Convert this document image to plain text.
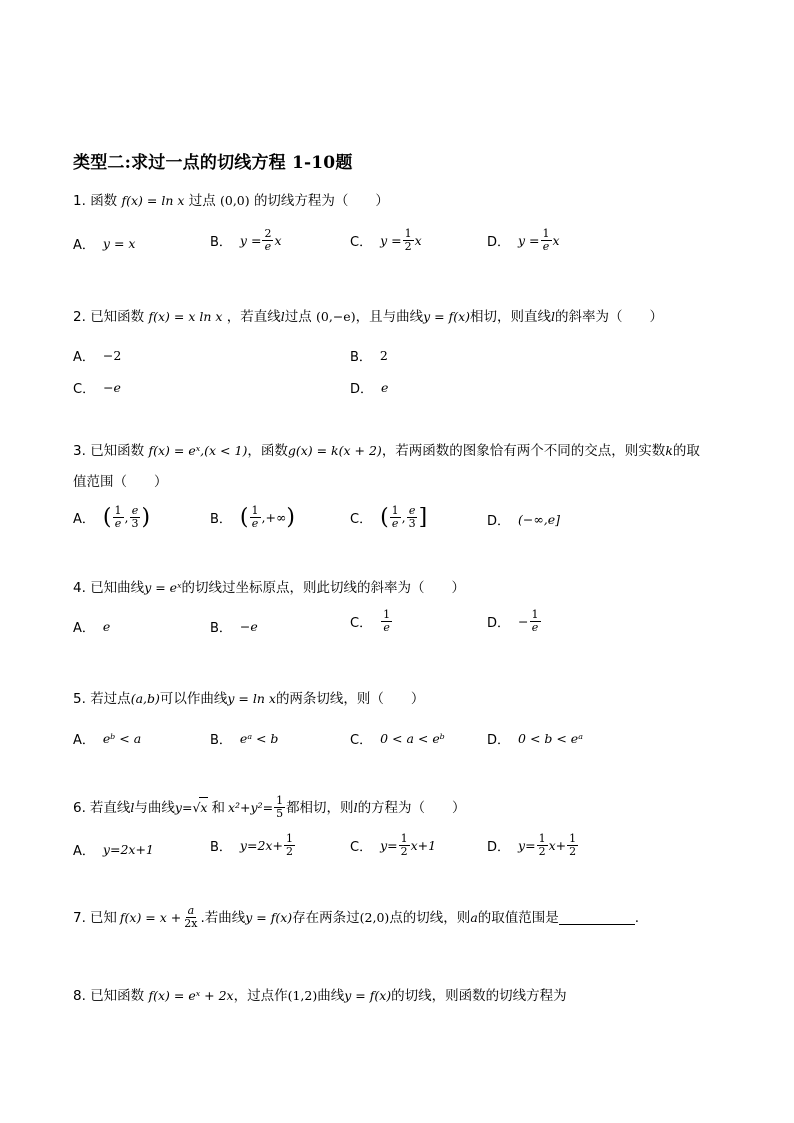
类型二:求过一点的切线方程 1-10题
1. 函数 f(x) = ln x 过点 (0,0) 的切线方程为（　　）
A． y = x	B． $y = \frac{2}{e}$ x	C． $y = \frac{1}{2}$ x	D． $y = \frac{1}{e}$ x
2. 已知函数 f(x) = x ln x ，若直线l过点 (0,−e)，且与曲线y = f(x)相切，则直线l的斜率为（　　）
A． −2	B． 2
C． −e	D． e
3. 已知函数 f(x) = eˣ,(x < 1)，函数g(x) = k(x + 2)，若两函数的图象恰有两个不同的交点，则实数k的取
值范围（　　）
A． ( $\frac{1}{e}$ , $\frac{e}{3}$ )	B． ( $\frac{1}{e}$ ,+∞ )	C． ( $\frac{1}{e}$ , $\frac{e}{3}$ ]	D． (−∞,e]
4. 已知曲线y = eˣ的切线过坐标原点，则此切线的斜率为（　　）
A． e	B． −e	C． $\frac{1}{e}$	D． − $\frac{1}{e}$
5. 若过点(a,b)可以作曲线y = ln x的两条切线，则（　　）
A． eᵇ < a	B． eᵃ < b	C． 0 < a < eᵇ	D． 0 < b < eᵃ
6. 若直线 l 与曲线 y= √ x 和 $x^2+y^2= \frac{1}{5}$ 都相切，则 l 的方程为（　　）
A． y=2x+1	B． $y=2x+ \frac{1}{2}$	C． $y= \frac{1}{2} x+1$	D． $y= \frac{1}{2} x+ \frac{1}{2}$
7. 已知 $f(x) = x + \frac{a}{2x}$ .若曲线 y = f(x) 存在两条过 (2,0) 点的切线，则 a 的取值范围是	.
8. 已知函数 f(x) = eˣ + 2x，过点作(1,2)曲线y = f(x)的切线，则函数的切线方程为
